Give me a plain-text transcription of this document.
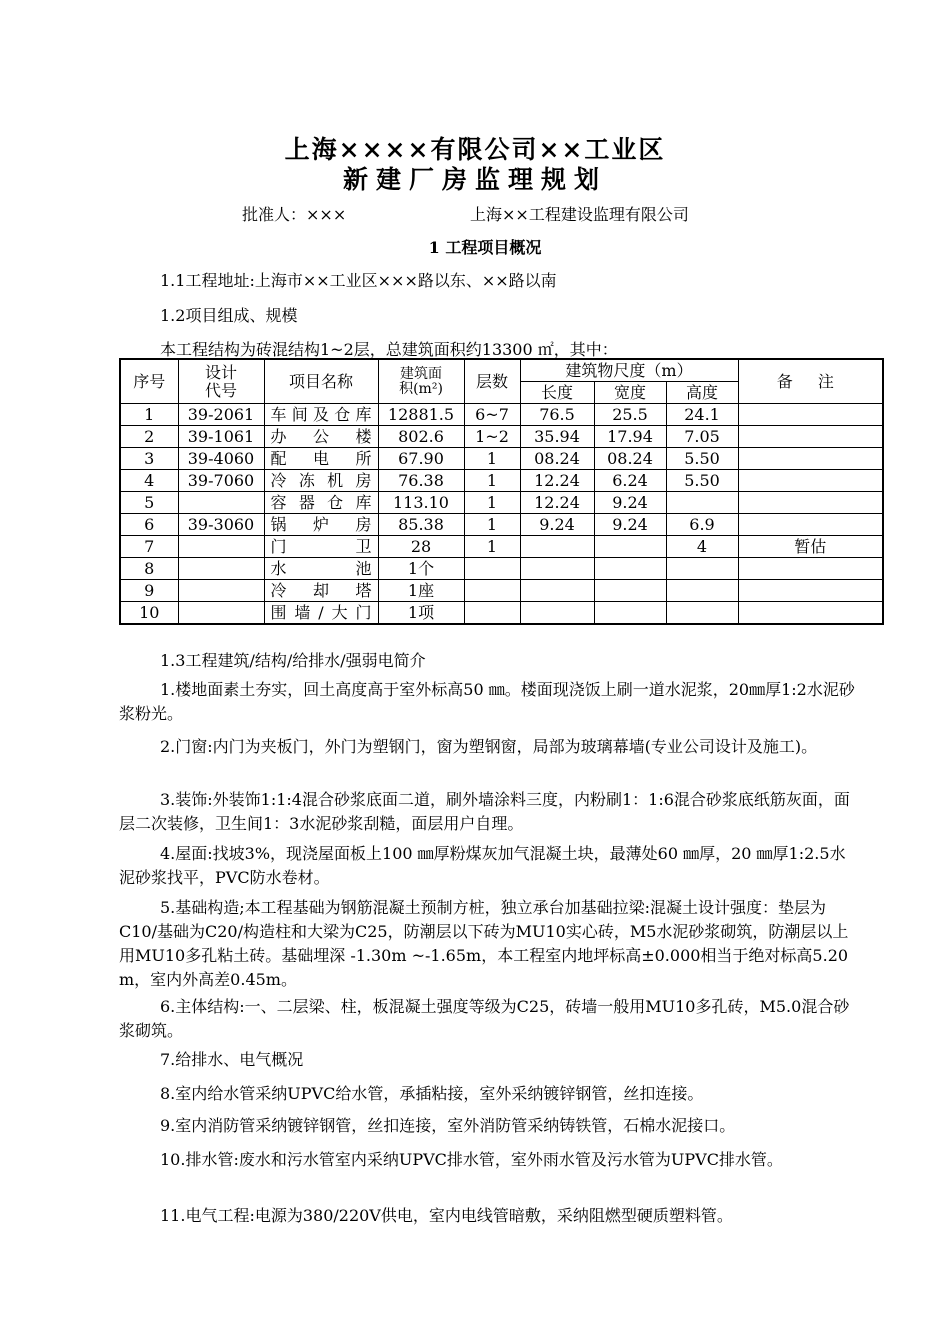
上海××××有限公司××工业区
新建厂房监理规划
批准人：×××	上海××工程建设监理有限公司
1 工程项目概况
1.1工程地址:上海市××工业区×××路以东、××路以南
1.2项目组成、规模
本工程结构为砖混结构1~2层，总建筑面积约13300 ㎡，其中：
序号	设计代号	项目名称	建筑面积(m²)	层数	建筑物尺度（m）			备 注
					长度	宽度	高度	
1	39-2061	车间及仓库	12881.5	6~7	76.5	25.5	24.1	
2	39-1061	办公楼	802.6	1~2	35.94	17.94	7.05	
3	39-4060	配电所	67.90	1	08.24	08.24	5.50	
4	39-7060	冷冻机房	76.38	1	12.24	6.24	5.50	
5		容器仓库	113.10	1	12.24	9.24		
6	39-3060	锅炉房	85.38	1	9.24	9.24	6.9	
7		门卫	28	1			4	暂估
8		水池	1个					
9		冷却塔	1座					
10		围墙/大门	1项					
1.3工程建筑/结构/给排水/强弱电简介
1.楼地面素土夯实，回土高度高于室外标高50 ㎜。楼面现浇饭上刷一道水泥浆，20㎜厚1:2水泥砂浆粉光。
2.门窗:内门为夹板门，外门为塑钢门，窗为塑钢窗，局部为玻璃幕墙(专业公司设计及施工)。
3.装饰:外装饰1:1:4混合砂浆底面二道，刷外墙涂料三度，内粉刷1：1:6混合砂浆底纸筋灰面，面层二次装修，卫生间1：3水泥砂浆刮糙，面层用户自理。
4.屋面:找坡3%，现浇屋面板上100 ㎜厚粉煤灰加气混凝土块，最薄处60 ㎜厚，20 ㎜厚1:2.5水泥砂浆找平，PVC防水卷材。
5.基础构造;本工程基础为钢筋混凝土预制方桩，独立承台加基础拉梁:混凝土设计强度：垫层为C10/基础为C20/构造柱和大梁为C25，防潮层以下砖为MU10实心砖，M5水泥砂浆砌筑，防潮层以上用MU10多孔粘土砖。基础埋深 -1.30m ~-1.65m，本工程室内地坪标高±0.000相当于绝对标高5.20 m，室内外高差0.45m。
6.主体结构:一、二层梁、柱，板混凝土强度等级为C25，砖墙一般用MU10多孔砖，M5.0混合砂浆砌筑。
7.给排水、电气概况
8.室内给水管采纳UPVC给水管，承插粘接，室外采纳镀锌钢管，丝扣连接。
9.室内消防管采纳镀锌钢管，丝扣连接，室外消防管采纳铸铁管，石棉水泥接口。
10.排水管:废水和污水管室内采纳UPVC排水管，室外雨水管及污水管为UPVC排水管。
11.电气工程:电源为380/220V供电，室内电线管暗敷，采纳阻燃型硬质塑料管。
